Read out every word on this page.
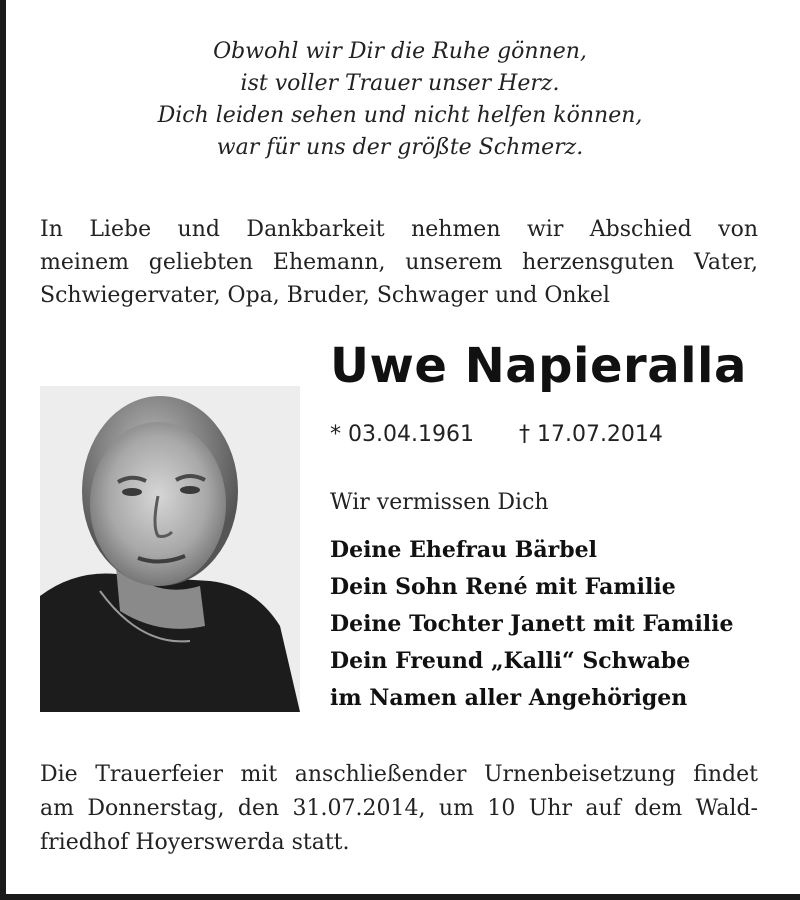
Obwohl wir Dir die Ruhe gönnen,
ist voller Trauer unser Herz.
Dich leiden sehen und nicht helfen können,
war für uns der größte Schmerz.
In Liebe und Dankbarkeit nehmen wir Abschied von
meinem geliebten Ehemann, unserem herzensguten Vater,
Schwiegervater, Opa, Bruder, Schwager und Onkel
Uwe Napieralla
* 03.04.1961 † 17.07.2014
Wir vermissen Dich
Deine Ehefrau Bärbel
Dein Sohn René mit Familie
Deine Tochter Janett mit Familie
Dein Freund „Kalli“ Schwabe
im Namen aller Angehörigen
Die Trauerfeier mit anschließender Urnenbeisetzung findet
am Donnerstag, den 31.07.2014, um 10 Uhr auf dem Wald-
friedhof Hoyerswerda statt.
